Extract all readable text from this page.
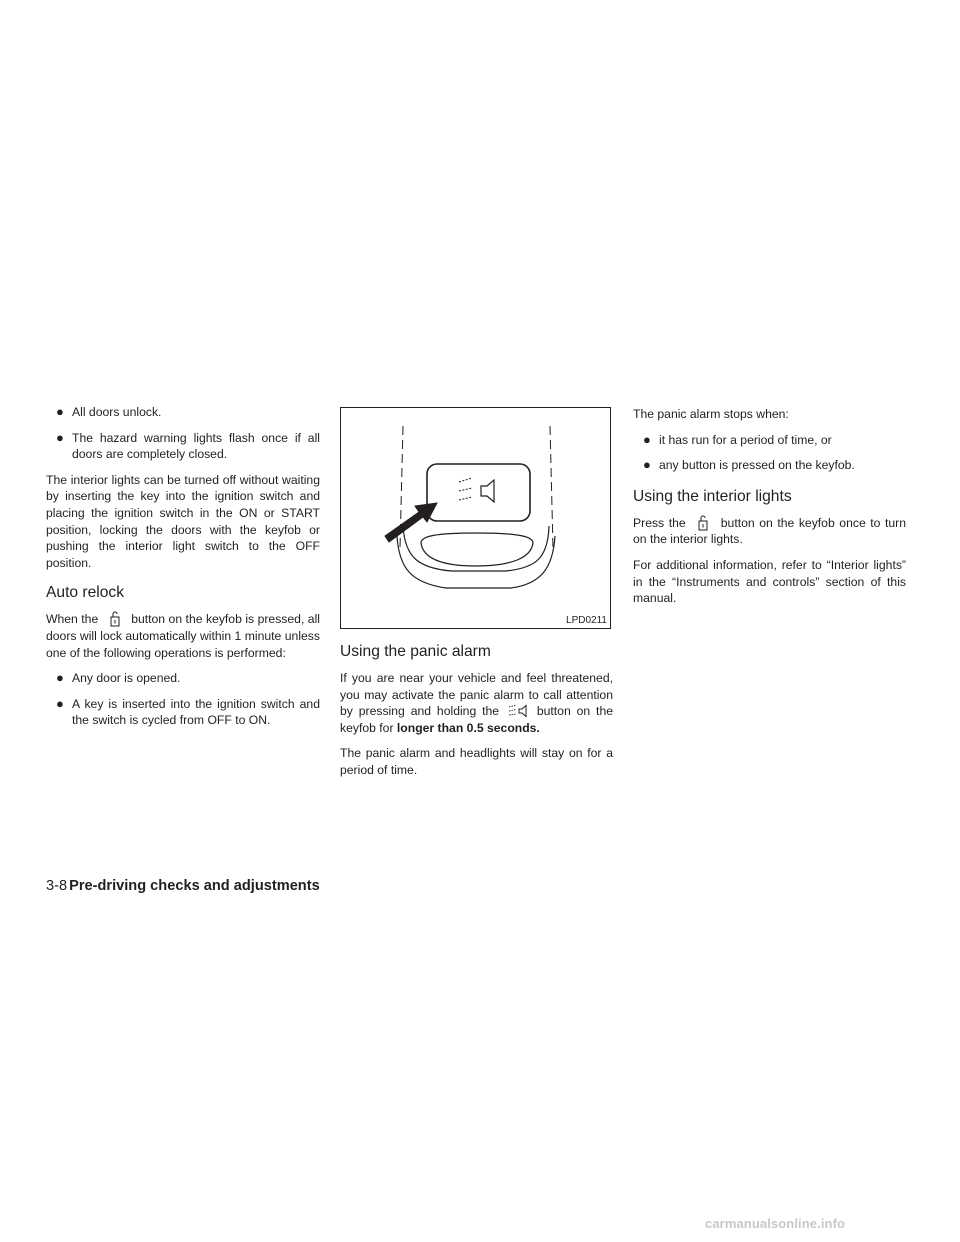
● All doors unlock.
● The hazard warning lights flash once if all doors are completely closed.

The interior lights can be turned off without waiting by inserting the key into the ignition switch and placing the ignition switch in the ON or START position, locking the doors with the keyfob or pushing the interior light switch to the OFF position.

Auto relock

When the	button on the keyfob is pressed, all doors will lock automatically within 1 minute unless one of the following operations is performed:

● Any door is opened.
● A key is inserted into the ignition switch and the switch is cycled from OFF to ON.
LPD0211
Using the panic alarm

If you are near your vehicle and feel threatened, you may activate the panic alarm to call attention by pressing and holding the	button on the keyfob for longer than 0.5 seconds.

The panic alarm and headlights will stay on for a period of time.

The panic alarm stops when:

● it has run for a period of time, or
● any button is pressed on the keyfob.
Using the interior lights

Press the	button on the keyfob once to turn on the interior lights.

For additional information, refer to “Interior lights” in the “Instruments and controls” section of this manual.

3-8 Pre-driving checks and adjustments
carmanualsonline.info
